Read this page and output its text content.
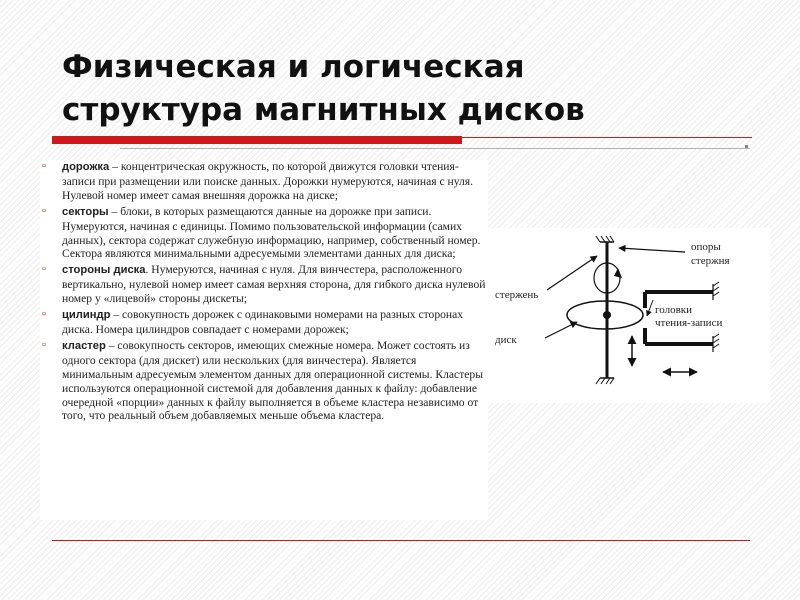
Физическая и логическая
структура магнитных дисков

▫ дорожка – концентрическая окружность, по которой движутся головки чтения-записи при размещении или поиске данных. Дорожки нумеруются, начиная с нуля. Нулевой номер имеет самая внешняя дорожка на диске;

▫ секторы – блоки, в которых размещаются данные на дорожке при записи. Нумеруются, начиная с единицы. Помимо пользовательской информации (самих данных), сектора содержат служебную информацию, например, собственный номер. Сектора являются минимальными адресуемыми элементами данных для диска;

▫ стороны диска. Нумеруются, начиная с нуля. Для винчестера, расположенного вертикально, нулевой номер имеет самая верхняя сторона, для гибкого диска нулевой номер у «лицевой» стороны дискеты;

▫ цилиндр – совокупность дорожек с одинаковыми номерами на разных сторонах диска. Номера цилиндров совпадает с номерами дорожек;

▫ кластер – совокупность секторов, имеющих смежные номера. Может состоять из одного сектора (для дискет) или нескольких (для винчестера). Является минимальным адресуемым элементом данных для операционной системы. Кластеры используются операционной системой для добавления данных к файлу: добавление очередной «порции» данных к файлу выполняется в объеме кластера независимо от того, что реальный объем добавляемых меньше объема кластера.

опоры
стержня
стержень
головки
чтения-записи
диск
